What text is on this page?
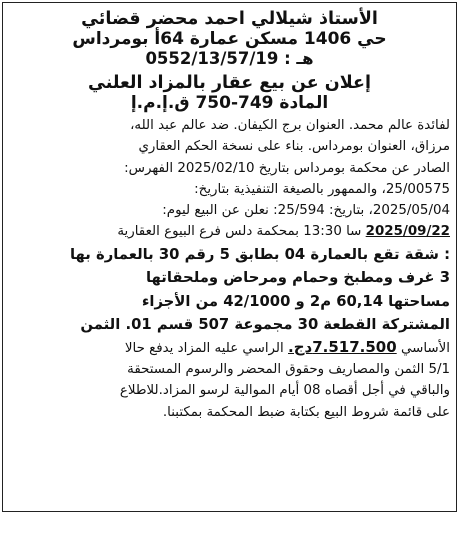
الأستاذ شيلالي احمد محضر قضائي
حي 1406 مسكن عمارة 64أ بومرداس
هـ : 0552/13/57/19
إعلان عن بيع عقار بالمزاد العلني
المادة 749-750 ق.إ.م.إ
لفائدة عالم محمد. العنوان برج الكيفان. ضد عالم عبد الله،
مرزاق، العنوان بومرداس. بناء على نسخة الحكم العقاري
الصادر عن محكمة بومرداس بتاريخ 2025/02/10 الفهرس:
25/00575، والممهور بالصيغة التنفيذية بتاريخ:
2025/05/04، بتاريخ: 25/594: نعلن عن البيع ليوم:
2025/09/22 سا 13:30 بمحكمة دلس فرع البيوع العقارية
: شقة تقع بالعمارة 04 بطابق 5 رقم 30 بالعمارة بها
3 غرف ومطبخ وحمام ومرحاض وملحقاتها
مساحتها 60,14 م2 و 42/1000 من الأجزاء
المشتركة القطعة 30 مجموعة 507 قسم 01. الثمن
الأساسي 7.517.500دج. الراسي عليه المزاد يدفع حالا
5/1 الثمن والمصاريف وحقوق المحضر والرسوم المستحقة
والباقي في أجل أقصاه 08 أيام الموالية لرسو المزاد.للاطلاع
على قائمة شروط البيع بكتابة ضبط المحكمة بمكتبنا.
